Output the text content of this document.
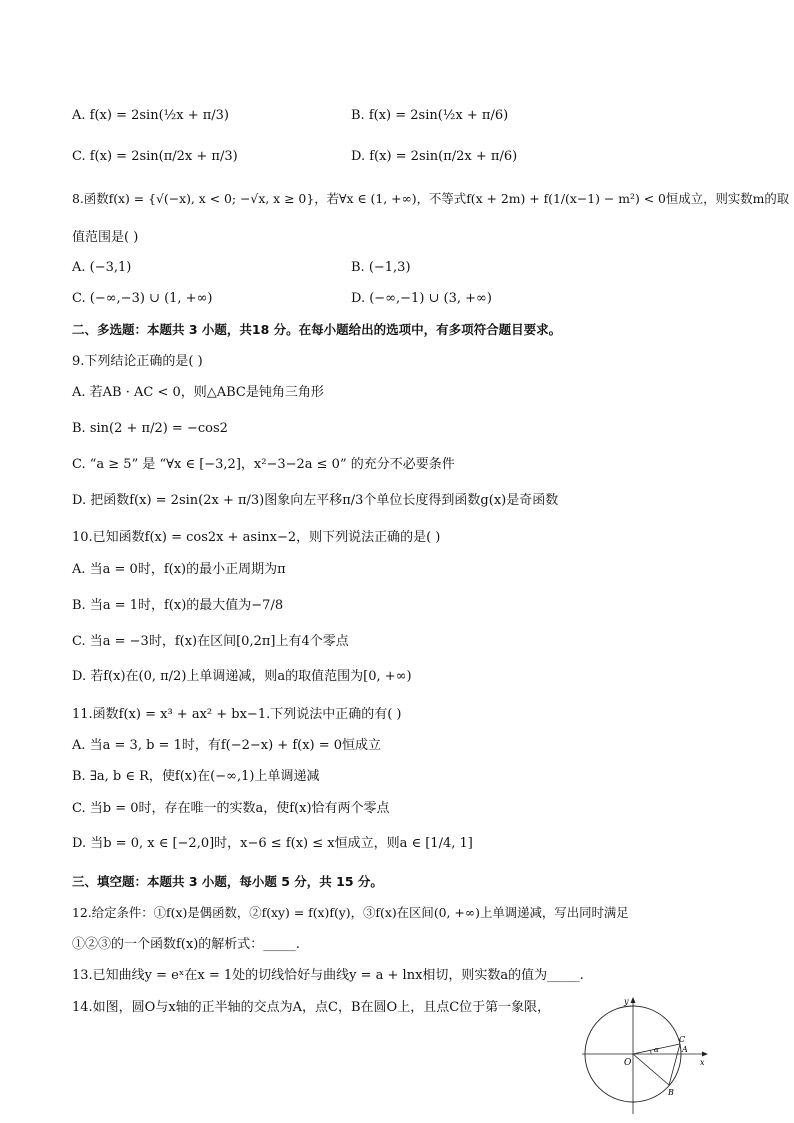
A. f(x) = 2sin(½x + π/3)	B. f(x) = 2sin(½x + π/6)
C. f(x) = 2sin(π/2x + π/3)	D. f(x) = 2sin(π/2x + π/6)
8.函数f(x) = {√(−x), x < 0; −√x, x ≥ 0}，若∀x ∈ (1, +∞)，不等式f(x + 2m) + f(1/(x−1) − m²) < 0恒成立，则实数m的取
值范围是( )
A. (−3,1)	B. (−1,3)
C. (−∞,−3) ∪ (1, +∞)	D. (−∞,−1) ∪ (3, +∞)
二、多选题：本题共 3 小题，共18 分。在每小题给出的选项中，有多项符合题目要求。
9.下列结论正确的是( )
A. 若AB · AC < 0，则△ABC是钝角三角形
B. sin(2 + π/2) = −cos2
C. “a ≥ 5” 是 “∀x ∈ [−3,2]，x²−3−2a ≤ 0” 的充分不必要条件
D. 把函数f(x) = 2sin(2x + π/3)图象向左平移π/3个单位长度得到函数g(x)是奇函数
10.已知函数f(x) = cos2x + asinx−2，则下列说法正确的是( )
A. 当a = 0时，f(x)的最小正周期为π
B. 当a = 1时，f(x)的最大值为−7/8
C. 当a = −3时，f(x)在区间[0,2π]上有4个零点
D. 若f(x)在(0, π/2)上单调递减，则a的取值范围为[0, +∞)
11.函数f(x) = x³ + ax² + bx−1.下列说法中正确的有( )
A. 当a = 3, b = 1时，有f(−2−x) + f(x) = 0恒成立
B. ∃a, b ∈ R，使f(x)在(−∞,1)上单调递减
C. 当b = 0时，存在唯一的实数a，使f(x)恰有两个零点
D. 当b = 0, x ∈ [−2,0]时，x−6 ≤ f(x) ≤ x恒成立，则a ∈ [1/4, 1]
三、填空题：本题共 3 小题，每小题 5 分，共 15 分。
12.给定条件：①f(x)是偶函数，②f(xy) = f(x)f(y)，③f(x)在区间(0, +∞)上单调递减，写出同时满足
①②③的一个函数f(x)的解析式：_____.
13.已知曲线y = eˣ在x = 1处的切线恰好与曲线y = a + lnx相切，则实数a的值为_____.
14.如图，圆O与x轴的正半轴的交点为A，点C，B在圆O上，且点C位于第一象限，	y
x
O
A
C
B
α
